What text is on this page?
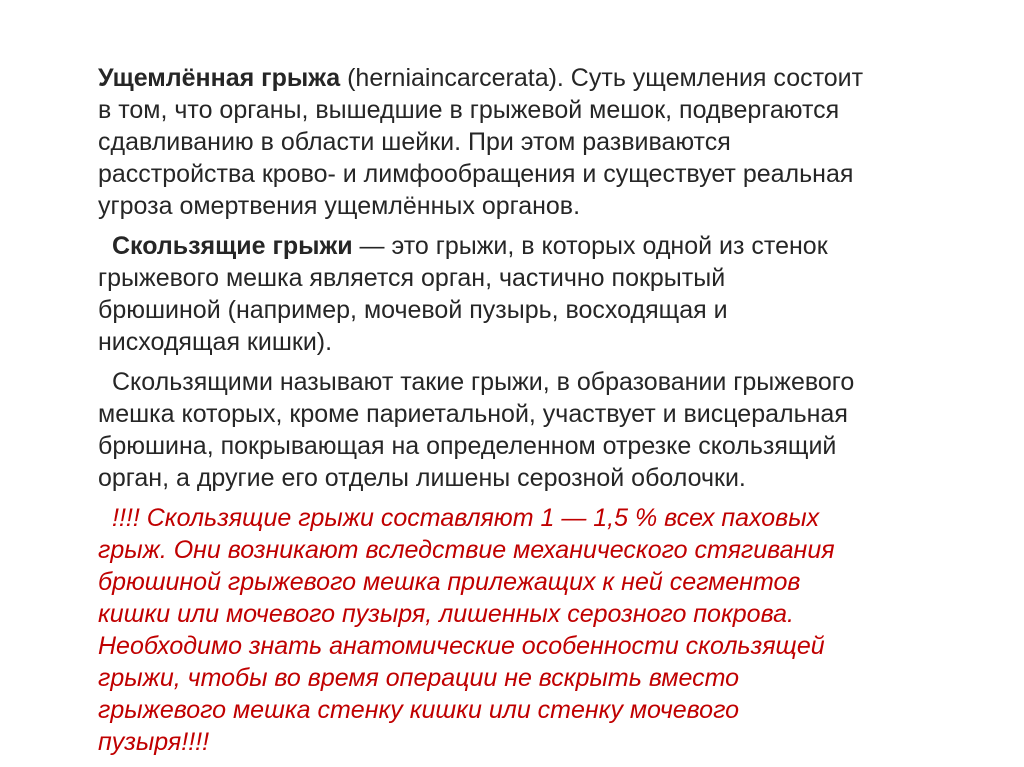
Ущемлённая грыжа (herniaincarcerata). Суть ущемления состоит
в том, что органы, вышедшие в грыжевой мешок, подвергаются
сдавливанию в области шейки. При этом развиваются
расстройства крово- и лимфообращения и существует реальная
угроза омертвения ущемлённых органов.
Скользящие грыжи — это грыжи, в которых одной из стенок
грыжевого мешка является орган, частично покрытый
брюшиной (например, мочевой пузырь, восходящая и
нисходящая кишки).
Скользящими называют такие грыжи, в образовании грыжевого
мешка которых, кроме париетальной, участвует и висцеральная
брюшина, покрывающая на определенном отрезке скользящий
орган, а другие его отделы лишены серозной оболочки.
!!!! Скользящие грыжи составляют 1 — 1,5 % всех паховых
грыж. Они возникают вследствие механического стягивания
брюшиной грыжевого мешка прилежащих к ней сегментов
кишки или мочевого пузыря, лишенных серозного покрова.
Необходимо знать анатомические особенности скользящей
грыжи, чтобы во время операции не вскрыть вместо
грыжевого мешка стенку кишки или стенку мочевого
пузыря!!!!
